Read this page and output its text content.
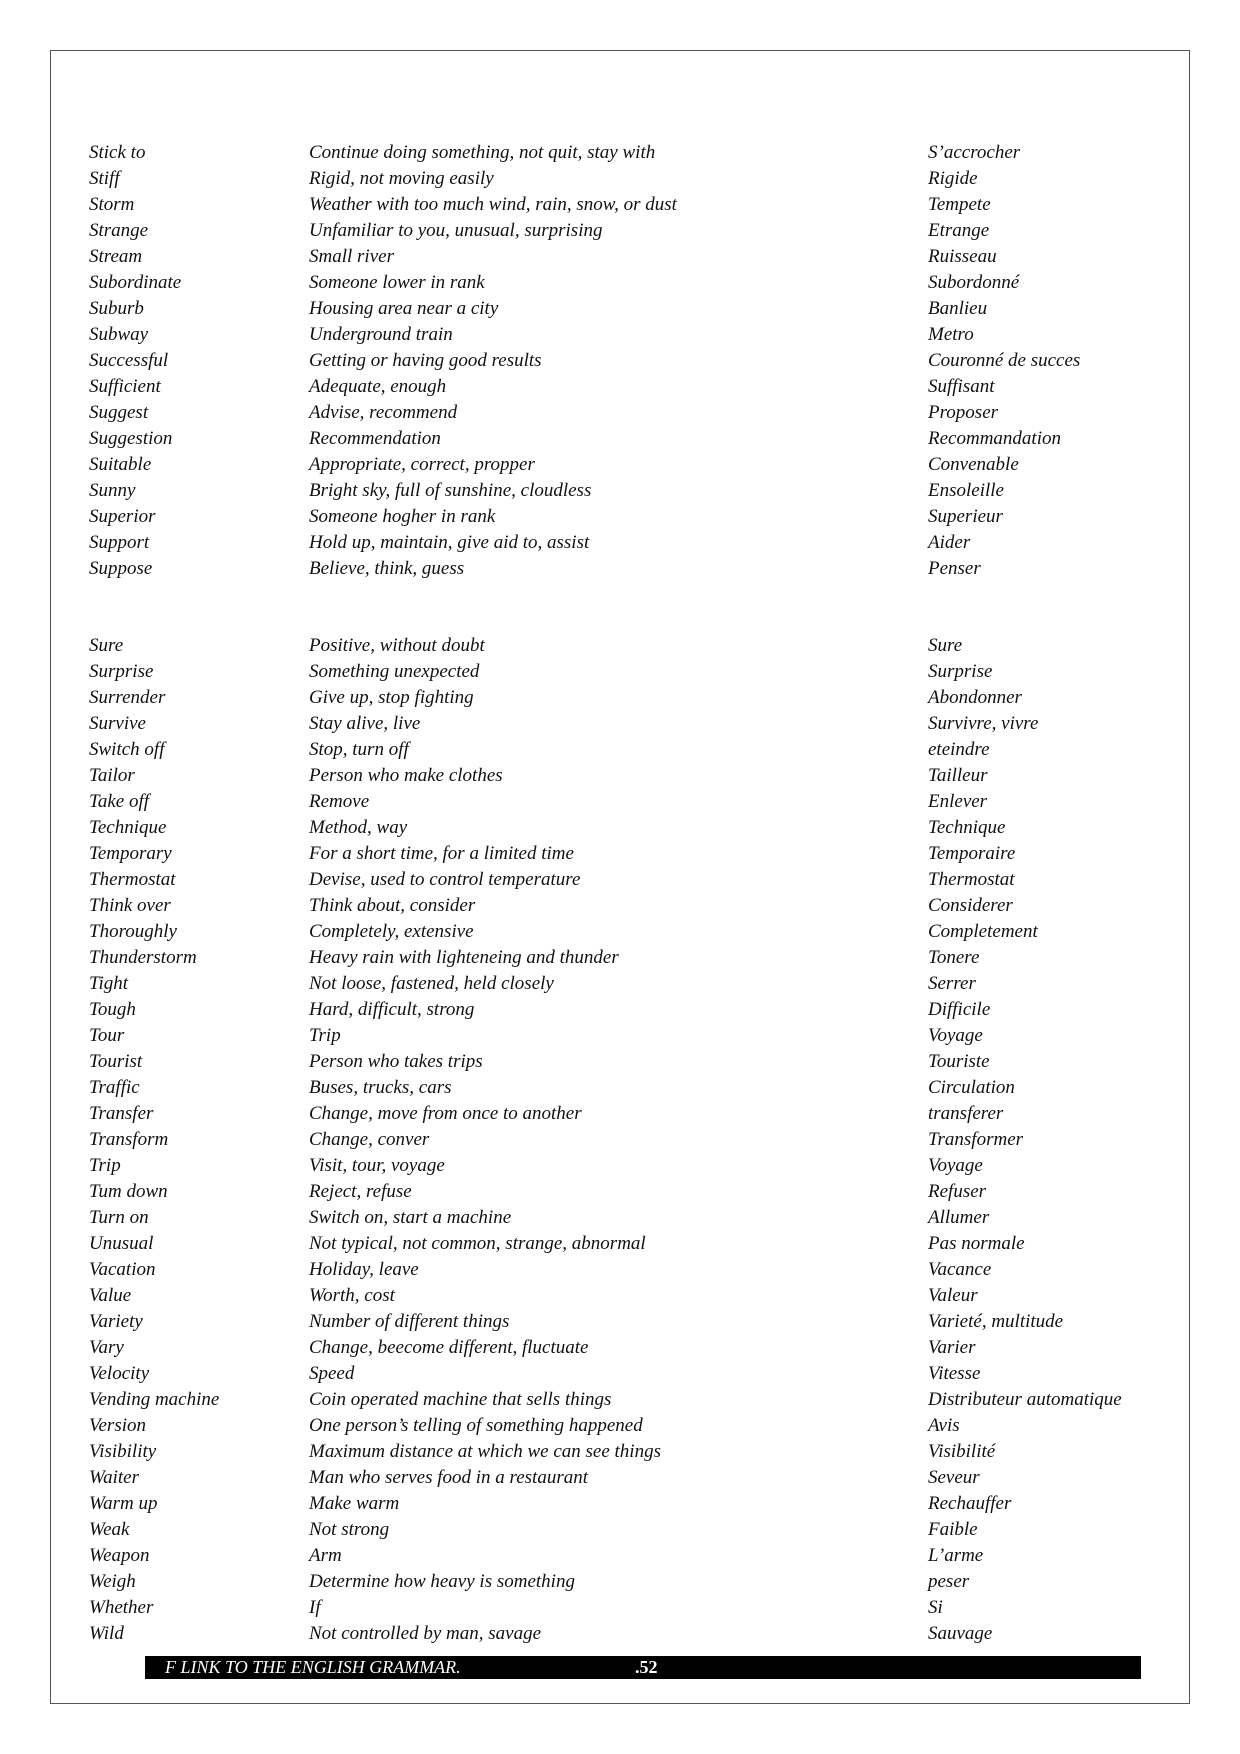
Stick to	Continue doing something, not quit, stay with	S’accrocher
Stiff	Rigid, not moving easily	Rigide
Storm	Weather with too much wind, rain, snow, or dust	Tempete
Strange	Unfamiliar to you, unusual, surprising	Etrange
Stream	Small river	Ruisseau
Subordinate	Someone lower in rank	Subordonné
Suburb	Housing area near a city	Banlieu
Subway	Underground train	Metro
Successful	Getting or having good results	Couronné de succes
Sufficient	Adequate, enough	Suffisant
Suggest	Advise, recommend	Proposer
Suggestion	Recommendation	Recommandation
Suitable	Appropriate, correct, propper	Convenable
Sunny	Bright sky, full of sunshine, cloudless	Ensoleille
Superior	Someone hogher in rank	Superieur
Support	Hold up, maintain, give aid to, assist	Aider
Suppose	Believe, think, guess	Penser
Sure	Positive, without doubt	Sure
Surprise	Something unexpected	Surprise
Surrender	Give up, stop fighting	Abondonner
Survive	Stay alive, live	Survivre, vivre
Switch off	Stop, turn off	eteindre
Tailor	Person who make clothes	Tailleur
Take off	Remove	Enlever
Technique	Method, way	Technique
Temporary	For a short time, for a limited time	Temporaire
Thermostat	Devise, used to control temperature	Thermostat
Think over	Think about, consider	Considerer
Thoroughly	Completely, extensive	Completement
Thunderstorm	Heavy rain with lighteneing and thunder	Tonere
Tight	Not loose, fastened, held closely	Serrer
Tough	Hard, difficult, strong	Difficile
Tour	Trip	Voyage
Tourist	Person who takes trips	Touriste
Traffic	Buses, trucks, cars	Circulation
Transfer	Change, move from once to another	transferer
Transform	Change, conver	Transformer
Trip	Visit, tour, voyage	Voyage
Tum down	Reject, refuse	Refuser
Turn on	Switch on, start a machine	Allumer
Unusual	Not typical, not common, strange, abnormal	Pas normale
Vacation	Holiday, leave	Vacance
Value	Worth, cost	Valeur
Variety	Number of different things	Varieté, multitude
Vary	Change, beecome different, fluctuate	Varier
Velocity	Speed	Vitesse
Vending machine	Coin operated machine that sells things	Distributeur automatique
Version	One person’s telling of something happened	Avis
Visibility	Maximum distance at which we can see things	Visibilité
Waiter	Man who serves food in a restaurant	Seveur
Warm up	Make warm	Rechauffer
Weak	Not strong	Faible
Weapon	Arm	L’arme
Weigh	Determine how heavy is something	peser
Whether	If	Si
Wild	Not controlled by man, savage	Sauvage
F LINK TO THE ENGLISH GRAMMAR.	.52
